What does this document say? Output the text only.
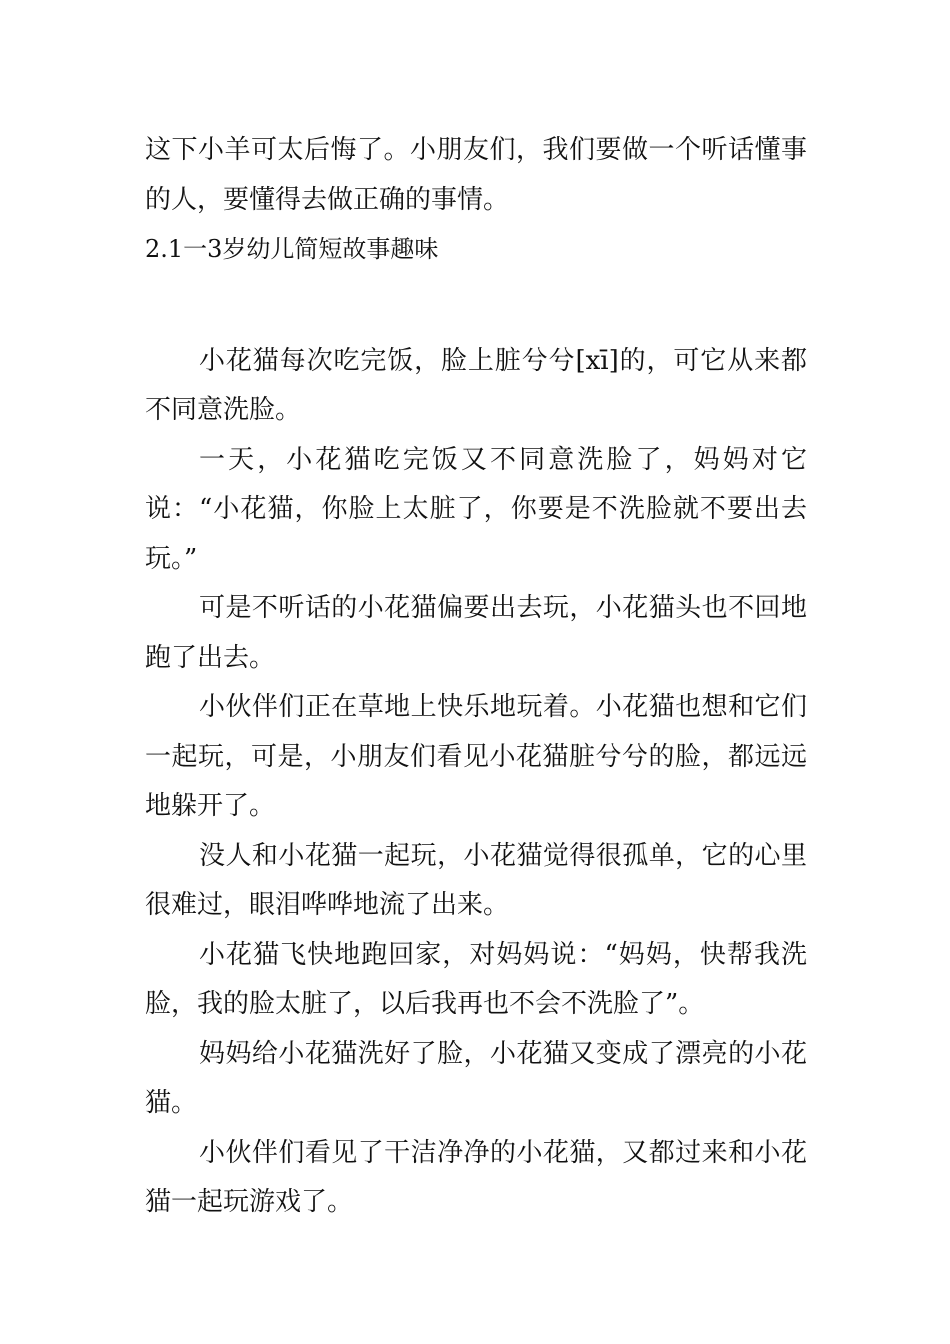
这下小羊可太后悔了。小朋友们，我们要做一个听话懂事的人，要懂得去做正确的事情。

2.1一3岁幼儿简短故事趣味

小花猫每次吃完饭，脸上脏兮兮[xī]的，可它从来都不同意洗脸。

一天，小花猫吃完饭又不同意洗脸了，妈妈对它说：“小花猫，你脸上太脏了，你要是不洗脸就不要出去玩。”

可是不听话的小花猫偏要出去玩，小花猫头也不回地跑了出去。

小伙伴们正在草地上快乐地玩着。小花猫也想和它们一起玩，可是，小朋友们看见小花猫脏兮兮的脸，都远远地躲开了。

没人和小花猫一起玩，小花猫觉得很孤单，它的心里很难过，眼泪哗哗地流了出来。

小花猫飞快地跑回家，对妈妈说：“妈妈，快帮我洗脸，我的脸太脏了，以后我再也不会不洗脸了”。

妈妈给小花猫洗好了脸，小花猫又变成了漂亮的小花猫。

小伙伴们看见了干洁净净的小花猫，又都过来和小花猫一起玩游戏了。
